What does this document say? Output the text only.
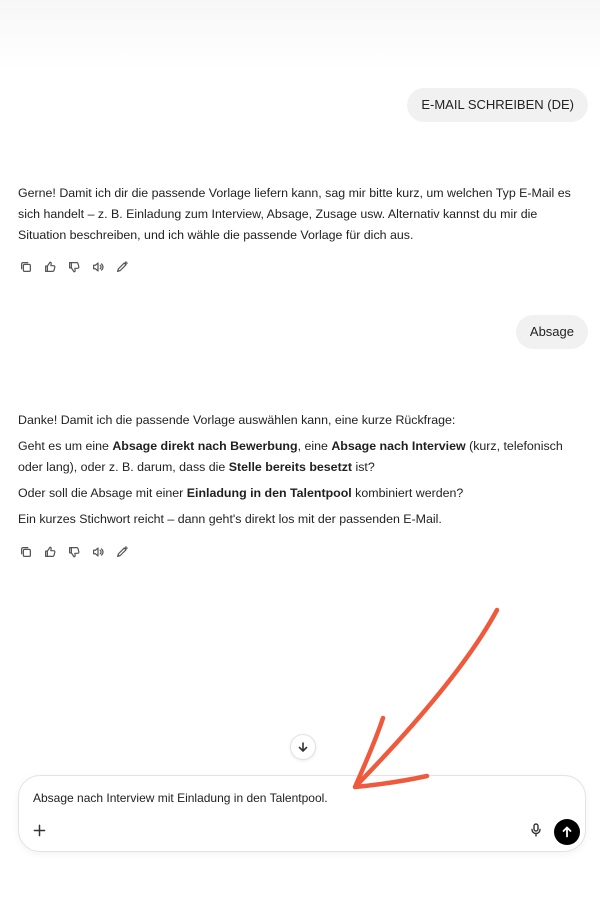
E-MAIL SCHREIBEN (DE)

Gerne! Damit ich dir die passende Vorlage liefern kann, sag mir bitte kurz, um welchen Typ E-Mail es sich handelt – z. B. Einladung zum Interview, Absage, Zusage usw. Alternativ kannst du mir die Situation beschreiben, und ich wähle die passende Vorlage für dich aus.

Absage

Danke! Damit ich die passende Vorlage auswählen kann, eine kurze Rückfrage:

Geht es um eine Absage direkt nach Bewerbung, eine Absage nach Interview (kurz, telefonisch oder lang), oder z. B. darum, dass die Stelle bereits besetzt ist?

Oder soll die Absage mit einer Einladung in den Talentpool kombiniert werden?

Ein kurzes Stichwort reicht – dann geht's direkt los mit der passenden E-Mail.

Absage nach Interview mit Einladung in den Talentpool.
